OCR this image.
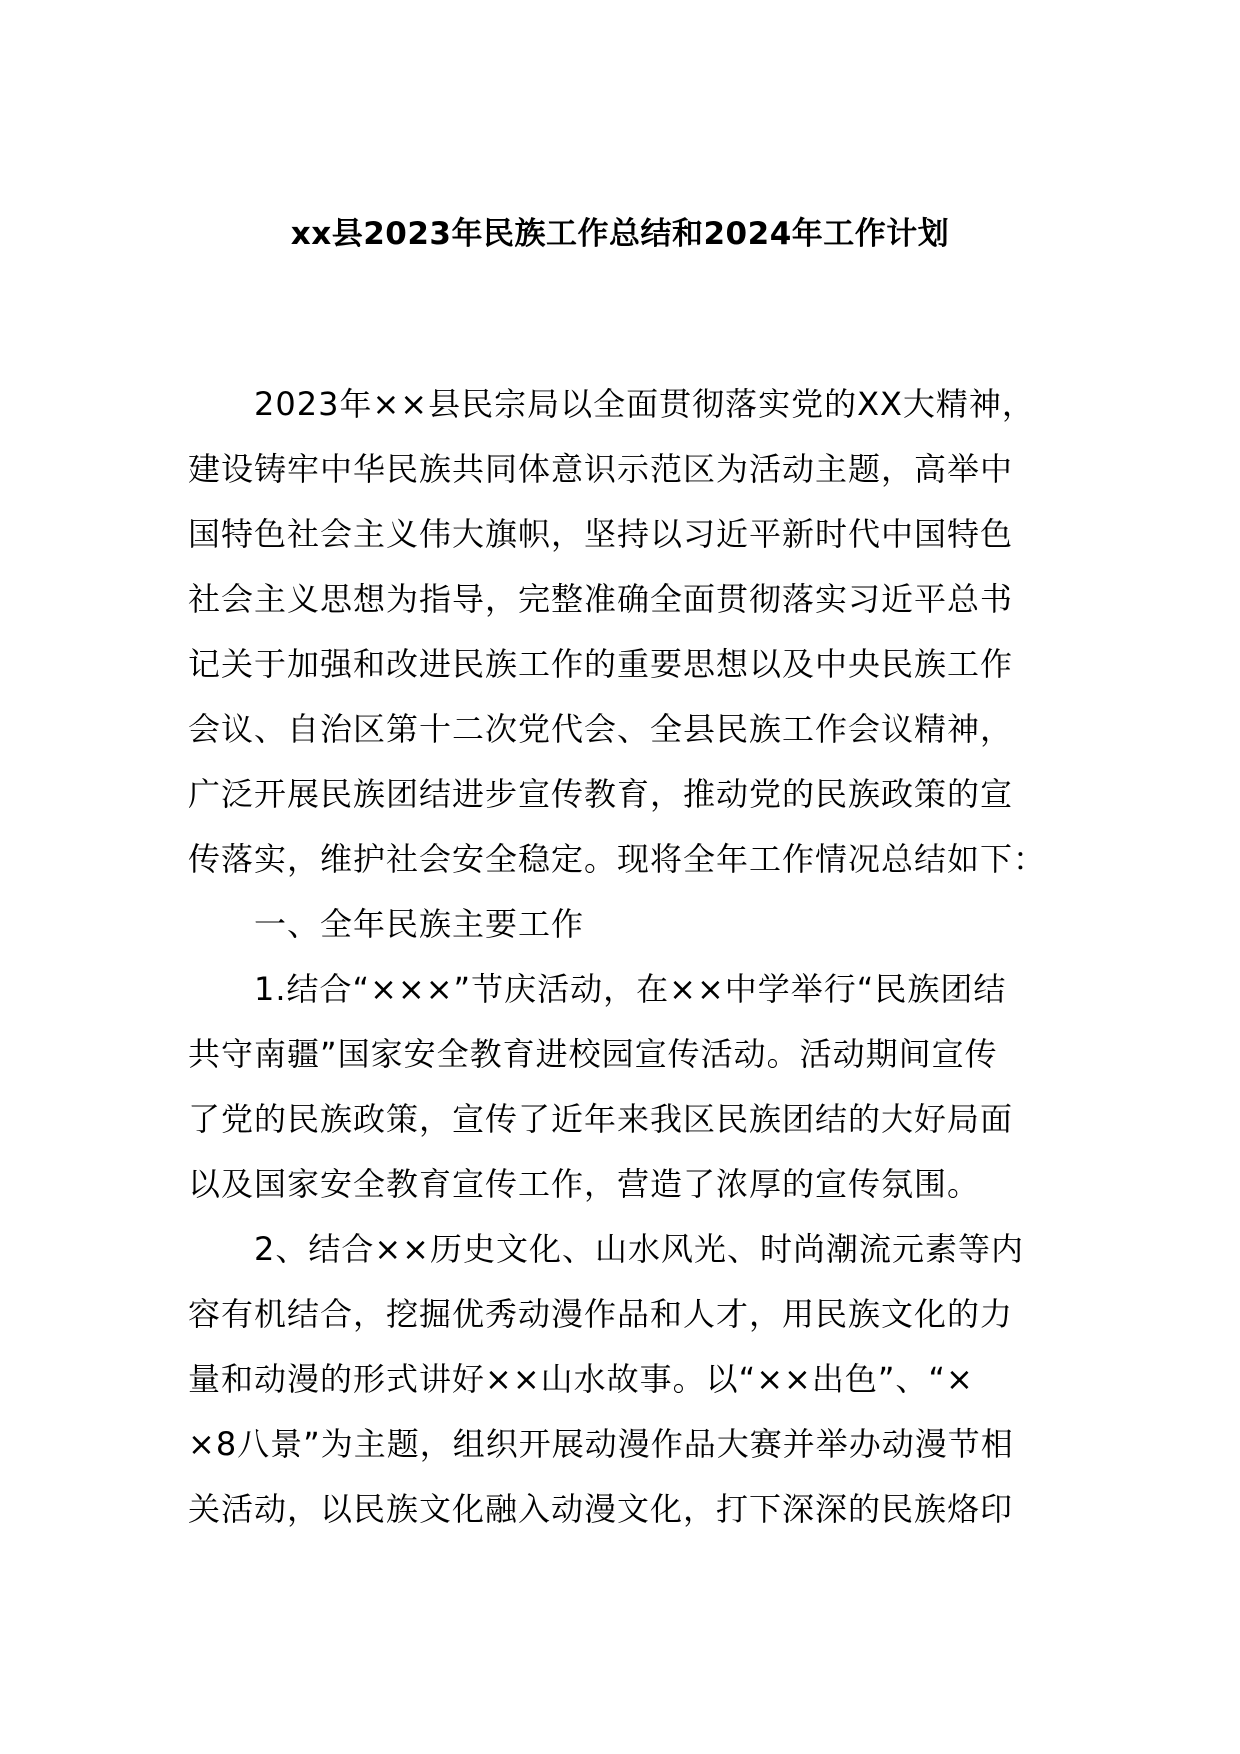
xx县2023年民族工作总结和2024年工作计划
2023年××县民宗局以全面贯彻落实党的XX大精神，
建设铸牢中华民族共同体意识示范区为活动主题，高举中
国特色社会主义伟大旗帜，坚持以习近平新时代中国特色
社会主义思想为指导，完整准确全面贯彻落实习近平总书
记关于加强和改进民族工作的重要思想以及中央民族工作
会议、自治区第十二次党代会、全县民族工作会议精神，
广泛开展民族团结进步宣传教育，推动党的民族政策的宣
传落实，维护社会安全稳定。现将全年工作情况总结如下：
一、全年民族主要工作
1.结合“×××”节庆活动，在××中学举行“民族团结
共守南疆”国家安全教育进校园宣传活动。活动期间宣传
了党的民族政策，宣传了近年来我区民族团结的大好局面
以及国家安全教育宣传工作，营造了浓厚的宣传氛围。
2、结合××历史文化、山水风光、时尚潮流元素等内
容有机结合，挖掘优秀动漫作品和人才，用民族文化的力
量和动漫的形式讲好××山水故事。以“××出色”、“×
×8八景”为主题，组织开展动漫作品大赛并举办动漫节相
关活动，以民族文化融入动漫文化，打下深深的民族烙印
